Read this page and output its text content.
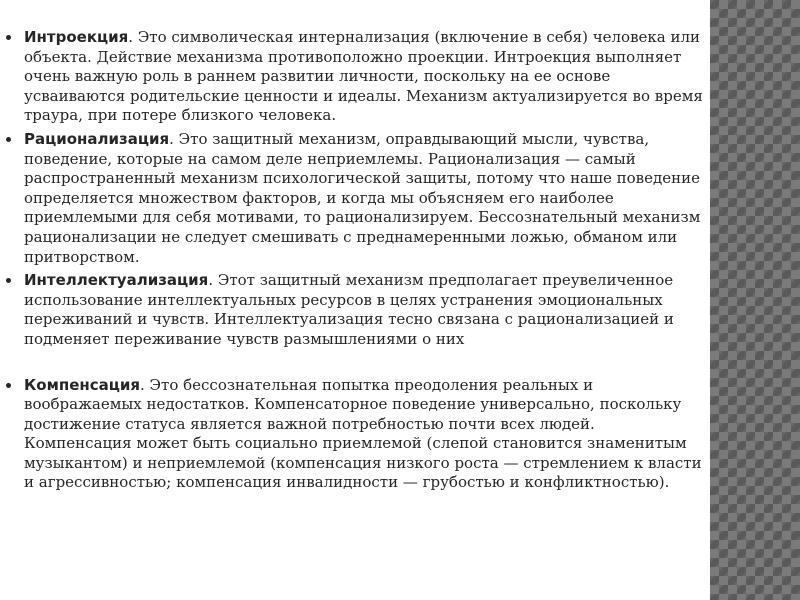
Интроекция. Это символическая интернализация (включение в себя) человека или объекта. Действие механизма противоположно проекции. Интроекция выполняет очень важную роль в раннем развитии личности, поскольку на ее основе усваиваются родительские ценности и идеалы. Механизм актуализируется во время траура, при потере близкого человека.
Рационализация. Это защитный механизм, оправдывающий мысли, чувства, поведение, которые на самом деле неприемлемы. Рационализация — самый распространенный механизм психологической защиты, потому что наше поведение определяется множеством факторов, и когда мы объясняем его наиболее приемлемыми для себя мотивами, то рационализируем. Бессознательный механизм рационализации не следует смешивать с преднамеренными ложью, обманом или притворством.
Интеллектуализация. Этот защитный механизм предполагает преувеличенное использование интеллектуальных ресурсов в целях устранения эмоциональных переживаний и чувств. Интеллектуализация тесно связана с рационализацией и подменяет переживание чувств размышлениями о них
Компенсация. Это бессознательная попытка преодоления реальных и воображаемых недостатков. Компенсаторное поведение универсально, поскольку достижение статуса является важной потребностью почти всех людей. Компенсация может быть социально приемлемой (слепой становится знаменитым музыкантом) и неприемлемой (компенсация низкого роста — стремлением к власти и агрессивностью; компенсация инвалидности — грубостью и конфликтностью).
